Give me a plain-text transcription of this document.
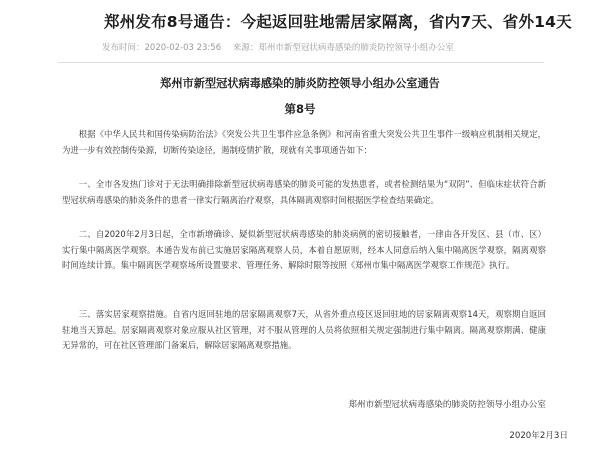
郑州发布8号通告：今起返回驻地需居家隔离，省内7天、省外14天
发布时间：2020-02-03 23:56 来源：郑州市新型冠状病毒感染的肺炎防控领导小组办公室
郑州市新型冠状病毒感染的肺炎防控领导小组办公室通告
第8号

根据《中华人民共和国传染病防治法》《突发公共卫生事件应急条例》和河南省重大突发公共卫生事件一级响应机制相关规定，为进一步有效控制传染源，切断传染途径，遏制疫情扩散，现就有关事项通告如下：

一、全市各发热门诊对于无法明确排除新型冠状病毒感染的肺炎可能的发热患者，或者检测结果为“双阴”、但临床症状符合新型冠状病毒感染的肺炎条件的患者一律实行隔离治疗观察，具体隔离观察时间根据医学检查结果确定。

二、自2020年2月3日起，全市新增确诊、疑似新型冠状病毒感染的肺炎病例的密切接触者，一律由各开发区、县（市、区）实行集中隔离医学观察。本通告发布前已实施居家隔离观察人员，本着自愿原则，经本人同意后纳入集中隔离医学观察，隔离观察时间连续计算。集中隔离医学观察场所设置要求、管理任务、解除时限等按照《郑州市集中隔离医学观察工作规范》执行。

三、落实居家观察措施。自省内返回驻地的居家隔离观察7天，从省外重点疫区返回驻地的居家隔离观察14天，观察期自返回驻地当天算起。居家隔离观察对象应服从社区管理，对不服从管理的人员将依照相关规定强制进行集中隔离。隔离观察期满、健康无异常的，可在社区管理部门备案后，解除居家隔离观察措施。

郑州市新型冠状病毒感染的肺炎防控领导小组办公室
2020年2月3日
